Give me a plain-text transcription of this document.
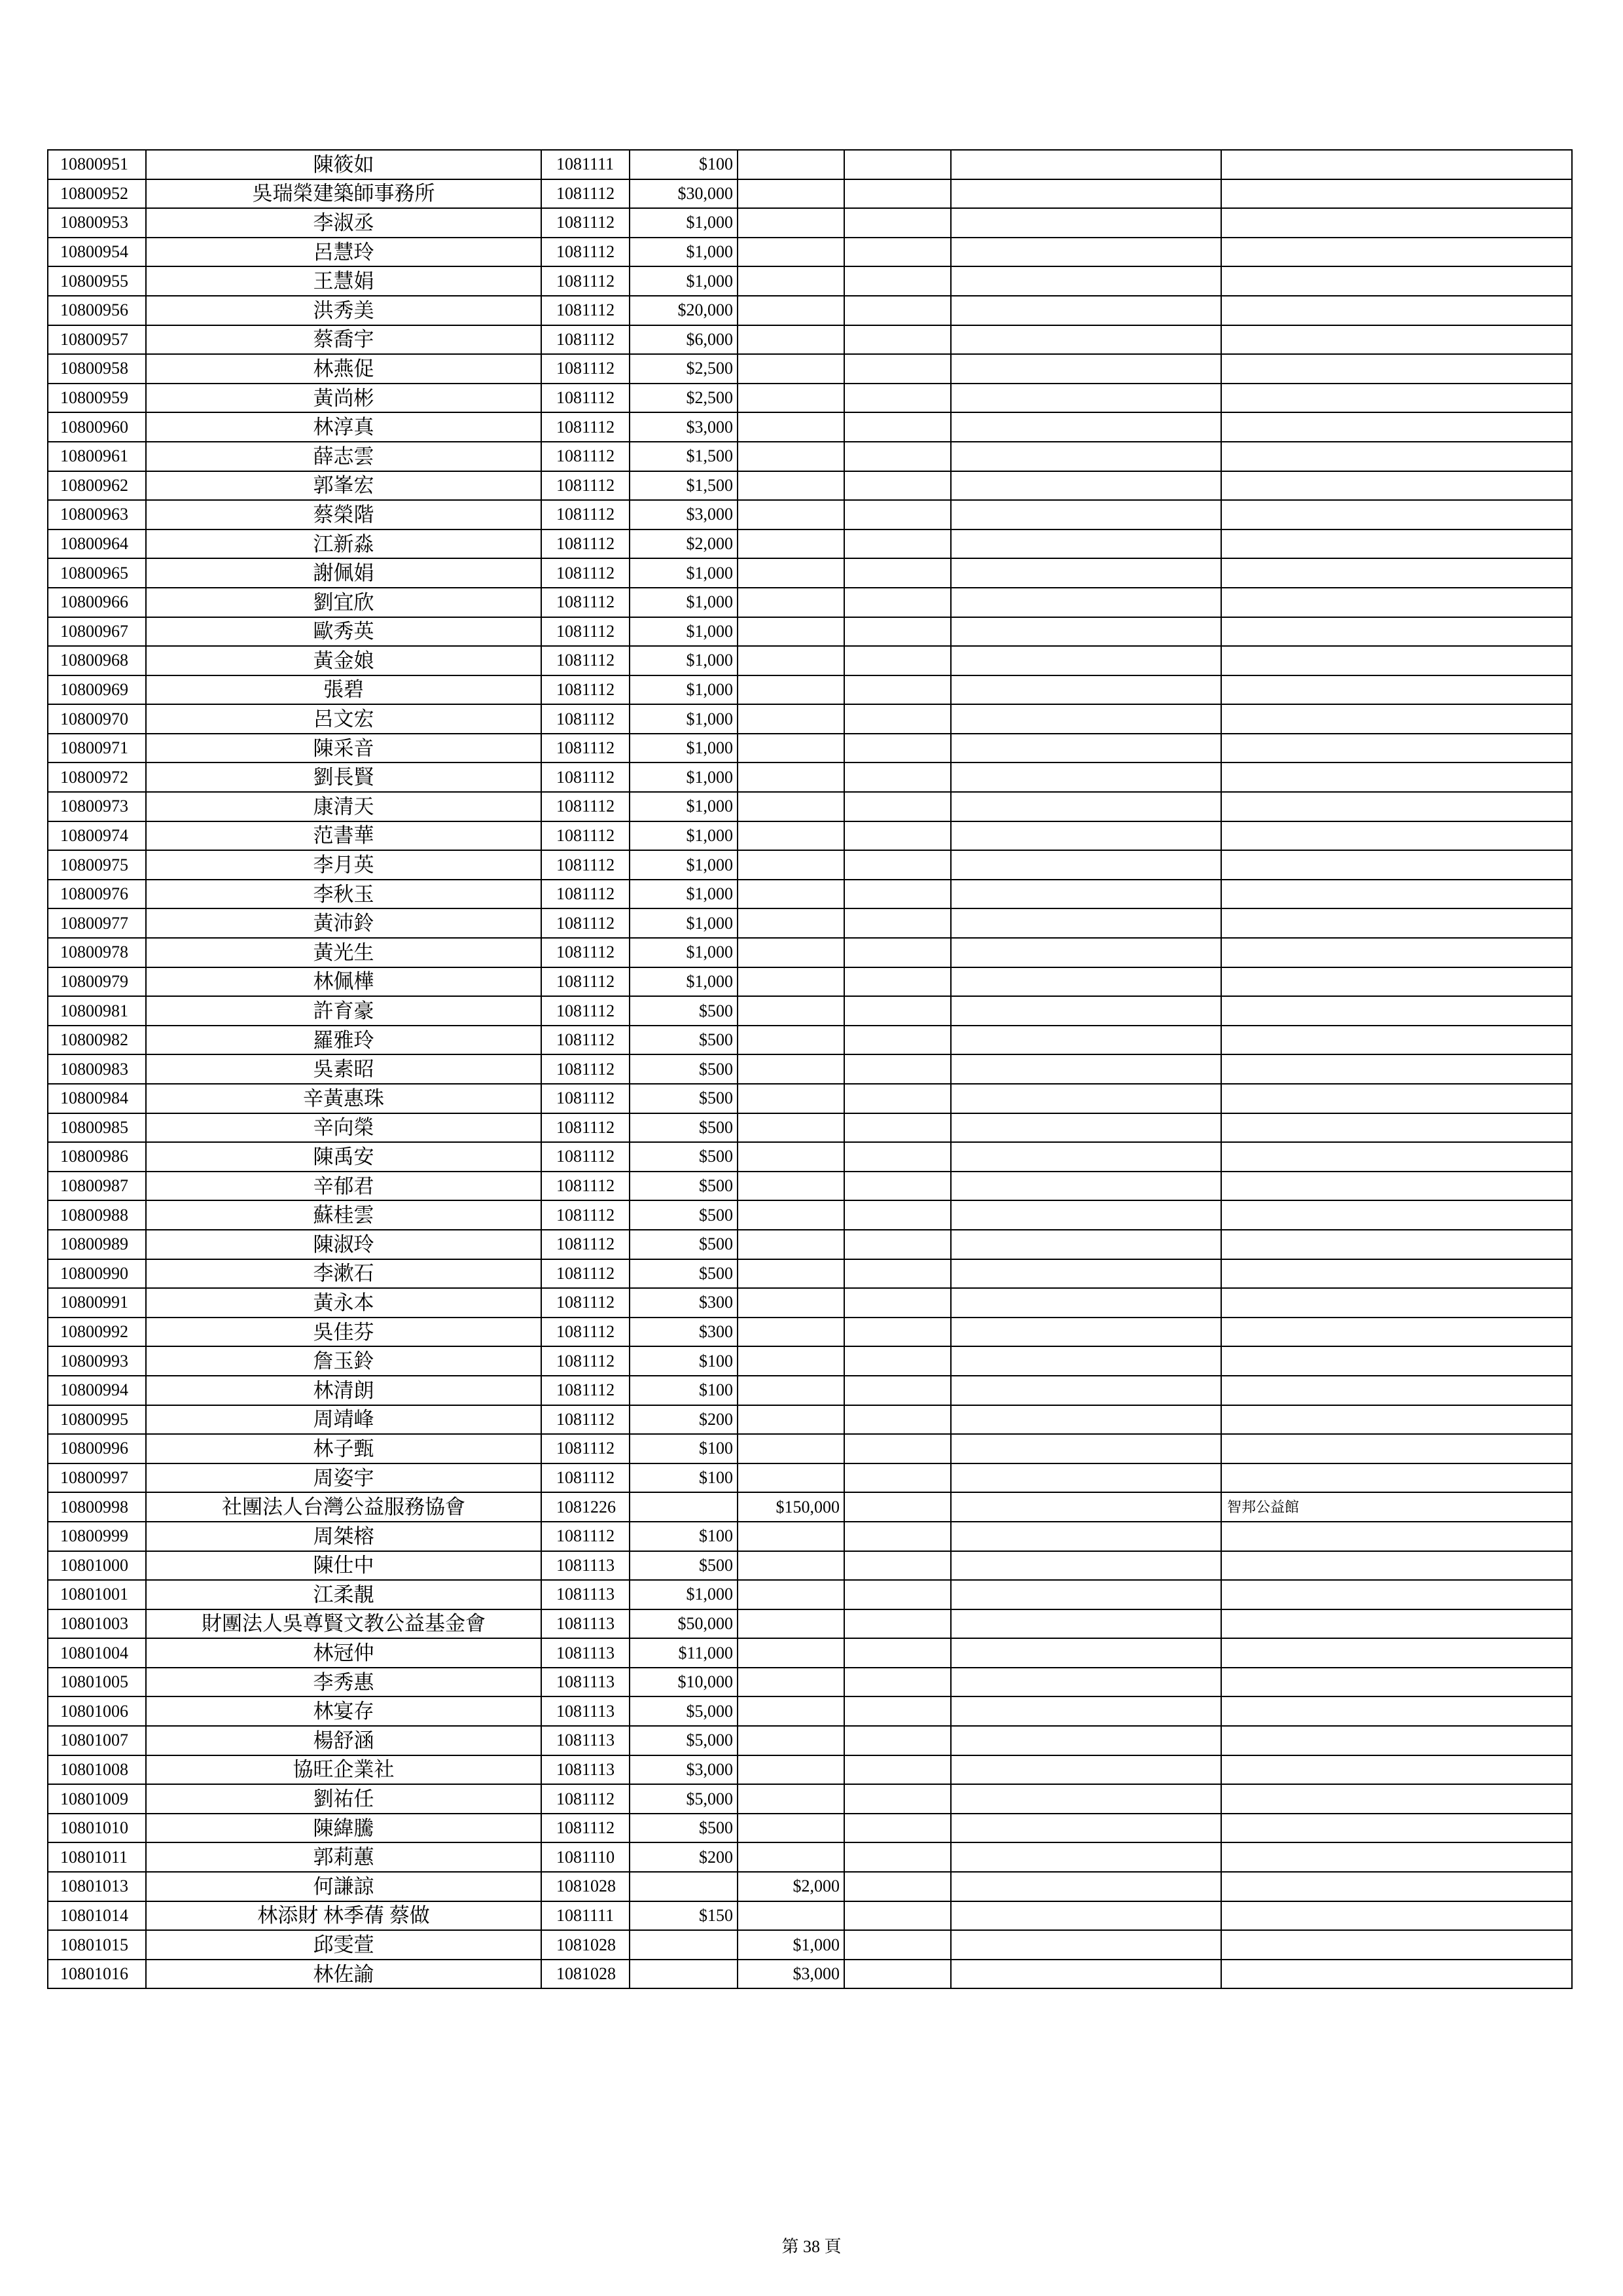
10800951	陳筱如	1081111	$100				
10800952	吳瑞榮建築師事務所	1081112	$30,000				
10800953	李淑丞	1081112	$1,000				
10800954	呂慧玲	1081112	$1,000				
10800955	王慧娟	1081112	$1,000				
10800956	洪秀美	1081112	$20,000				
10800957	蔡喬宇	1081112	$6,000				
10800958	林燕促	1081112	$2,500				
10800959	黃尚彬	1081112	$2,500				
10800960	林淳真	1081112	$3,000				
10800961	薛志雲	1081112	$1,500				
10800962	郭峯宏	1081112	$1,500				
10800963	蔡榮階	1081112	$3,000				
10800964	江新淼	1081112	$2,000				
10800965	謝佩娟	1081112	$1,000				
10800966	劉宜欣	1081112	$1,000				
10800967	歐秀英	1081112	$1,000				
10800968	黃金娘	1081112	$1,000				
10800969	張碧	1081112	$1,000				
10800970	呂文宏	1081112	$1,000				
10800971	陳采音	1081112	$1,000				
10800972	劉長賢	1081112	$1,000				
10800973	康清天	1081112	$1,000				
10800974	范書華	1081112	$1,000				
10800975	李月英	1081112	$1,000				
10800976	李秋玉	1081112	$1,000				
10800977	黃沛鈴	1081112	$1,000				
10800978	黃光生	1081112	$1,000				
10800979	林佩樺	1081112	$1,000				
10800981	許育豪	1081112	$500				
10800982	羅雅玲	1081112	$500				
10800983	吳素昭	1081112	$500				
10800984	辛黃惠珠	1081112	$500				
10800985	辛向榮	1081112	$500				
10800986	陳禹安	1081112	$500				
10800987	辛郁君	1081112	$500				
10800988	蘇桂雲	1081112	$500				
10800989	陳淑玲	1081112	$500				
10800990	李漱石	1081112	$500				
10800991	黃永本	1081112	$300				
10800992	吳佳芬	1081112	$300				
10800993	詹玉鈴	1081112	$100				
10800994	林清朗	1081112	$100				
10800995	周靖峰	1081112	$200				
10800996	林子甄	1081112	$100				
10800997	周姿宇	1081112	$100				
10800998	社團法人台灣公益服務協會	1081226		$150,000			智邦公益館
10800999	周桀榕	1081112	$100				
10801000	陳仕中	1081113	$500				
10801001	江柔靚	1081113	$1,000				
10801003	財團法人吳尊賢文教公益基金會	1081113	$50,000				
10801004	林冠仲	1081113	$11,000				
10801005	李秀惠	1081113	$10,000				
10801006	林宴存	1081113	$5,000				
10801007	楊舒涵	1081113	$5,000				
10801008	協旺企業社	1081113	$3,000				
10801009	劉祐任	1081112	$5,000				
10801010	陳緯騰	1081112	$500				
10801011	郭莉蕙	1081110	$200				
10801013	何謙諒	1081028		$2,000			
10801014	林添財 林季蒨 蔡做	1081111	$150				
10801015	邱雯萱	1081028		$1,000			
10801016	林佐諭	1081028		$3,000			
第 38 頁
